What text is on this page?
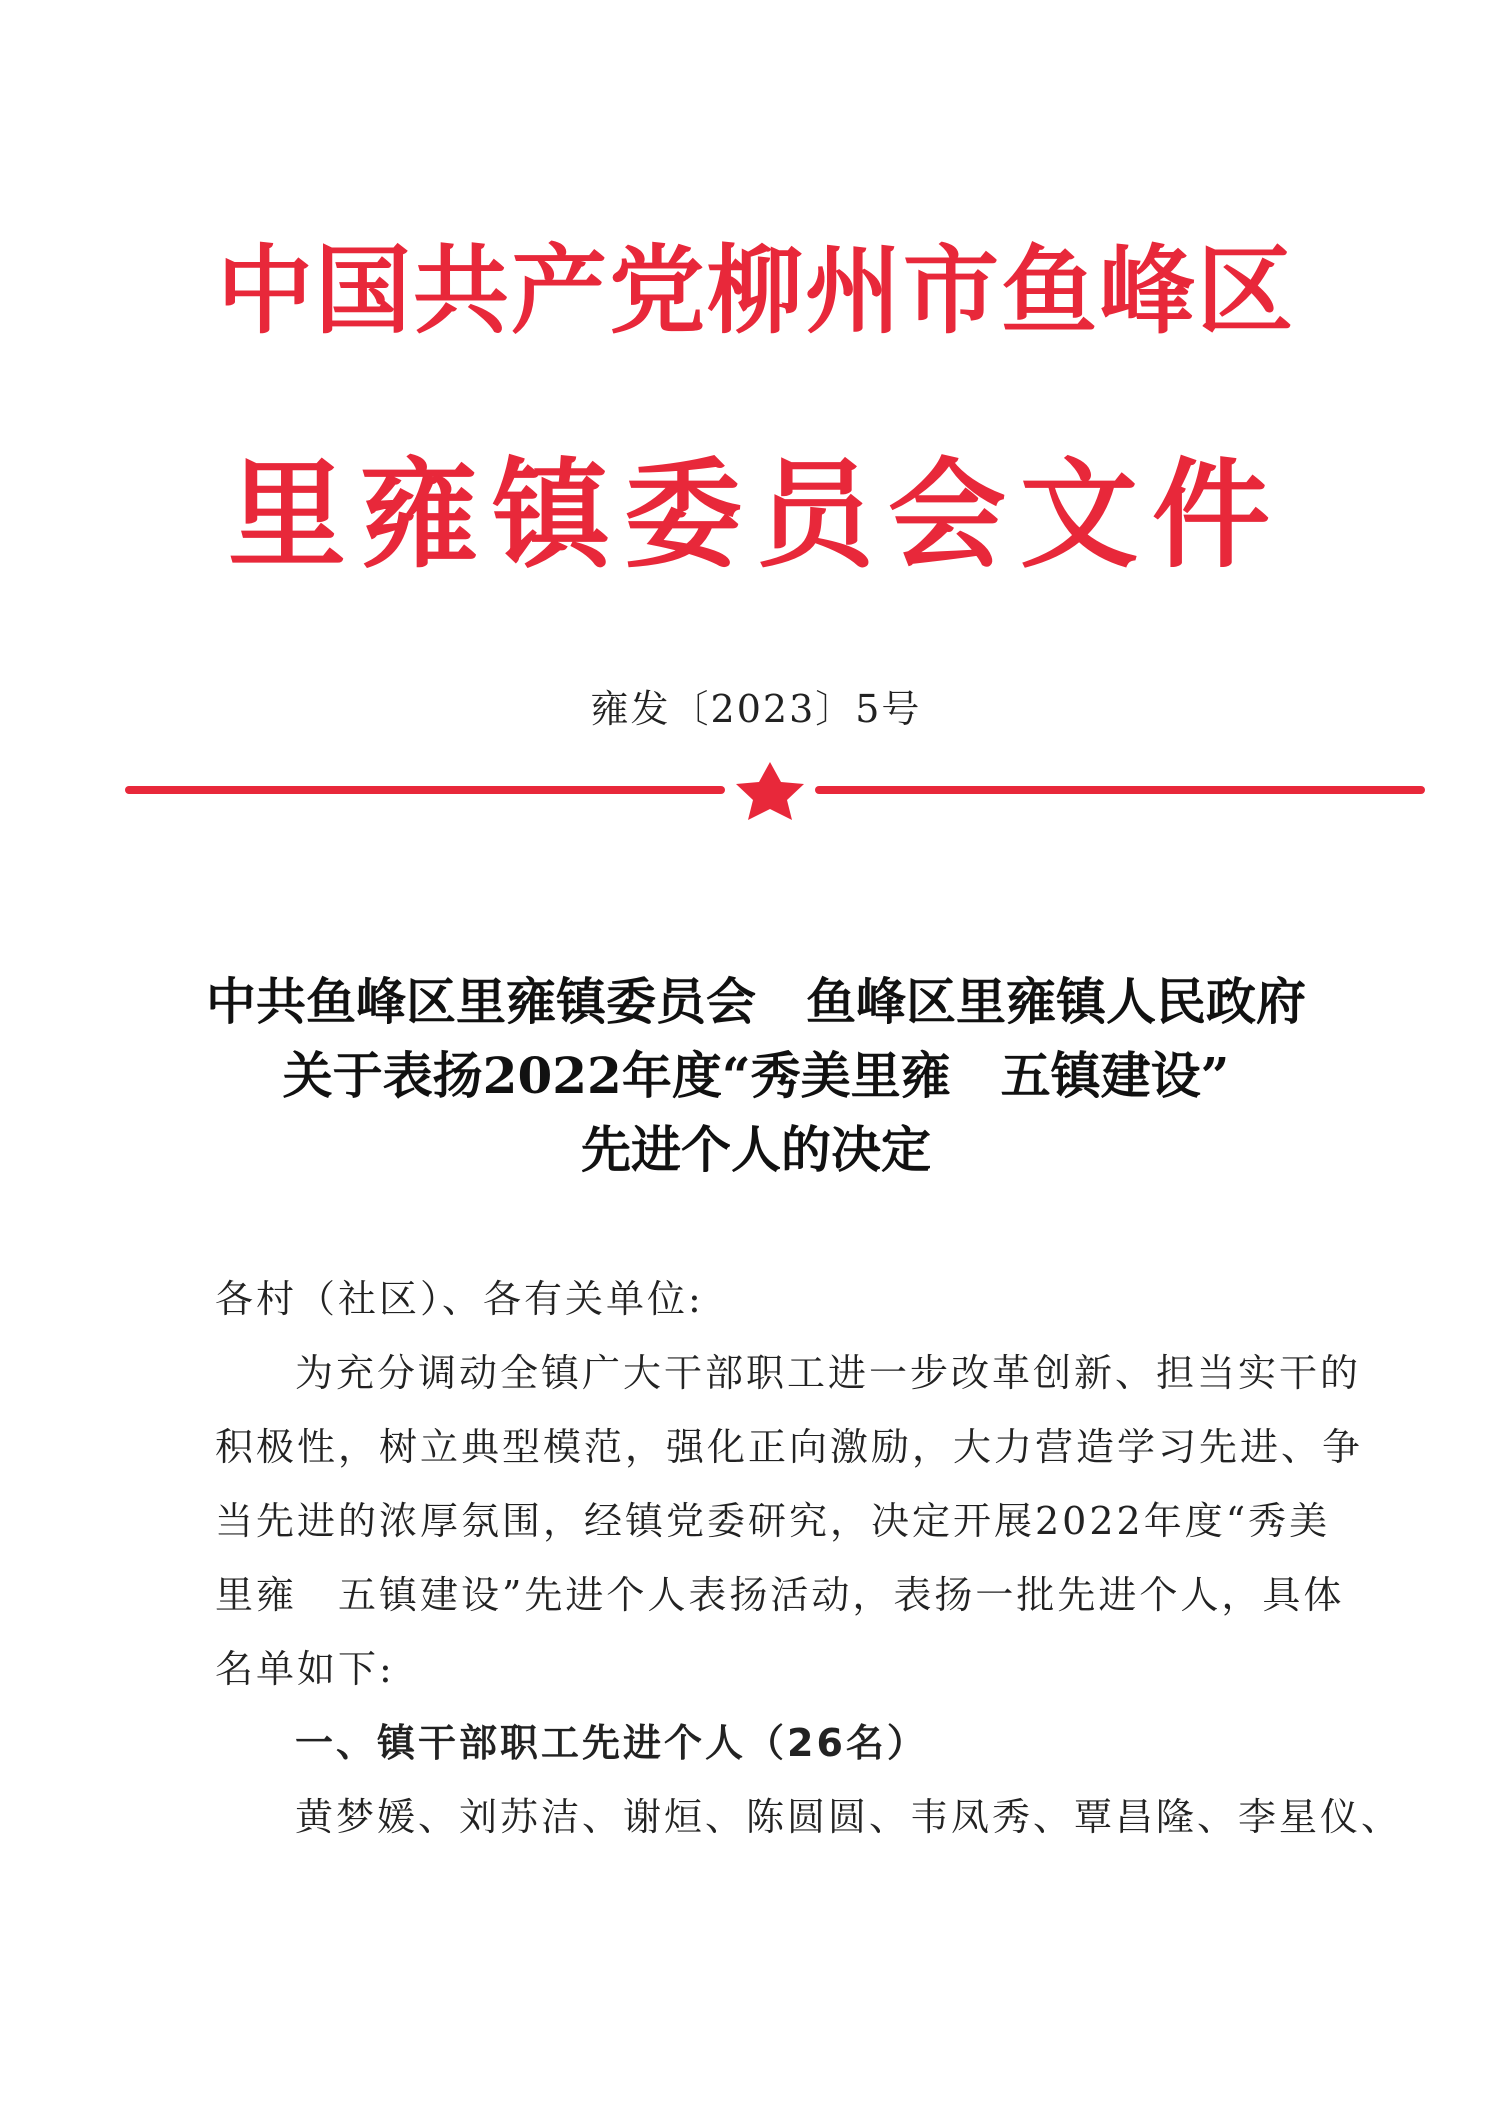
中国共产党柳州市鱼峰区
里雍镇委员会文件
雍发〔2023〕5号
中共鱼峰区里雍镇委员会　鱼峰区里雍镇人民政府
关于表扬2022年度“秀美里雍　五镇建设”
先进个人的决定
各村（社区）、各有关单位:
为充分调动全镇广大干部职工进一步改革创新、担当实干的
积极性，树立典型模范，强化正向激励，大力营造学习先进、争
当先进的浓厚氛围，经镇党委研究，决定开展2022年度“秀美
里雍　五镇建设”先进个人表扬活动，表扬一批先进个人，具体
名单如下:
一、镇干部职工先进个人（26名）
黄梦媛、刘苏洁、谢烜、陈圆圆、韦凤秀、覃昌隆、李星仪、
